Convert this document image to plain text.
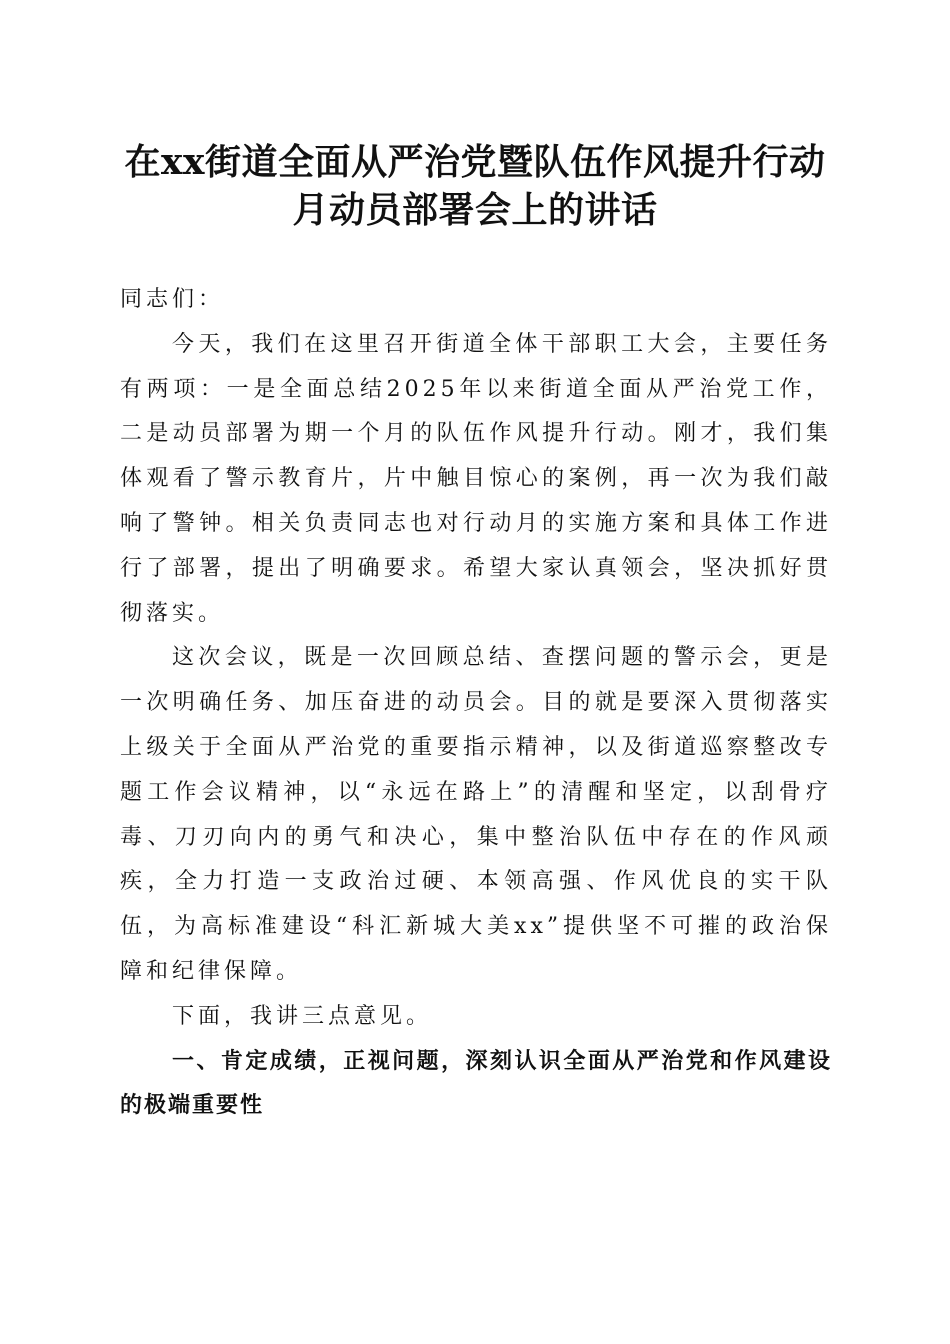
在xx街道全面从严治党暨队伍作风提升行动
月动员部署会上的讲话

同志们：

今天，我们在这里召开街道全体干部职工大会，主要任务有两项：一是全面总结2025年以来街道全面从严治党工作，二是动员部署为期一个月的队伍作风提升行动。刚才，我们集体观看了警示教育片，片中触目惊心的案例，再一次为我们敲响了警钟。相关负责同志也对行动月的实施方案和具体工作进行了部署，提出了明确要求。希望大家认真领会，坚决抓好贯彻落实。

这次会议，既是一次回顾总结、查摆问题的警示会，更是一次明确任务、加压奋进的动员会。目的就是要深入贯彻落实上级关于全面从严治党的重要指示精神，以及街道巡察整改专题工作会议精神，以“永远在路上”的清醒和坚定，以刮骨疗毒、刀刃向内的勇气和决心，集中整治队伍中存在的作风顽疾，全力打造一支政治过硬、本领高强、作风优良的实干队伍，为高标准建设“科汇新城大美xx”提供坚不可摧的政治保障和纪律保障。

下面，我讲三点意见。

一、肯定成绩，正视问题，深刻认识全面从严治党和作风建设的极端重要性
